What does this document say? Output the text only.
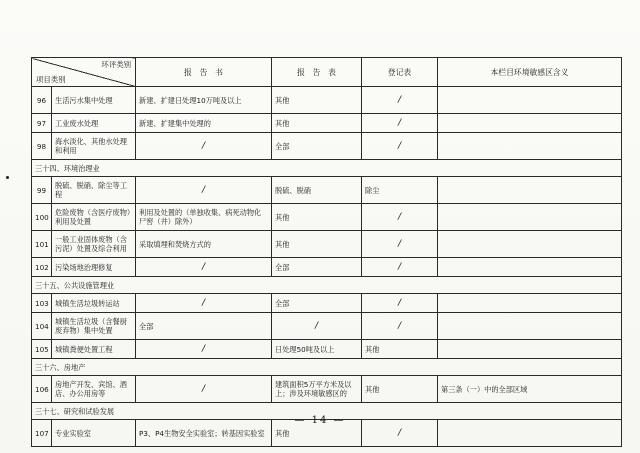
环评类别
项目类别		报　告　书	报　告　表	登记表	本栏目环境敏感区含义
96	生活污水集中处理	新建、扩建日处理10万吨及以上	其他	/	
97	工业废水处理	新建、扩建集中处理的	其他	/	
98	海水淡化、其他水处理和利用	/	全部	/	
三十四、环境治理业					
99	脱硫、脱硝、除尘等工程	/	脱硫、脱硝	除尘	
100	危险废物（含医疗废物）利用及处置	利用及处置的（单独收集、病死动物化尸窖（井）除外）	其他	/	
101	一般工业固体废物（含污泥）处置及综合利用	采取填埋和焚烧方式的	其他	/	
102	污染场地治理修复	/	全部	/	
三十五、公共设施管理业					
103	城镇生活垃圾转运站	/	全部	/	
104	城镇生活垃圾（含餐厨废弃物）集中处置	全部	/	/	
105	城镇粪便处置工程	/	日处理50吨及以上	其他	
三十六、房地产					
106	房地产开发、宾馆、酒店、办公用房等	/	建筑面积5万平方米及以上；涉及环境敏感区的	其他	第三条（一）中的全部区域
三十七、研究和试验发展					
107	专业实验室	P3、P4生物安全实验室；转基因实验室	其他	/	
— 14 —
